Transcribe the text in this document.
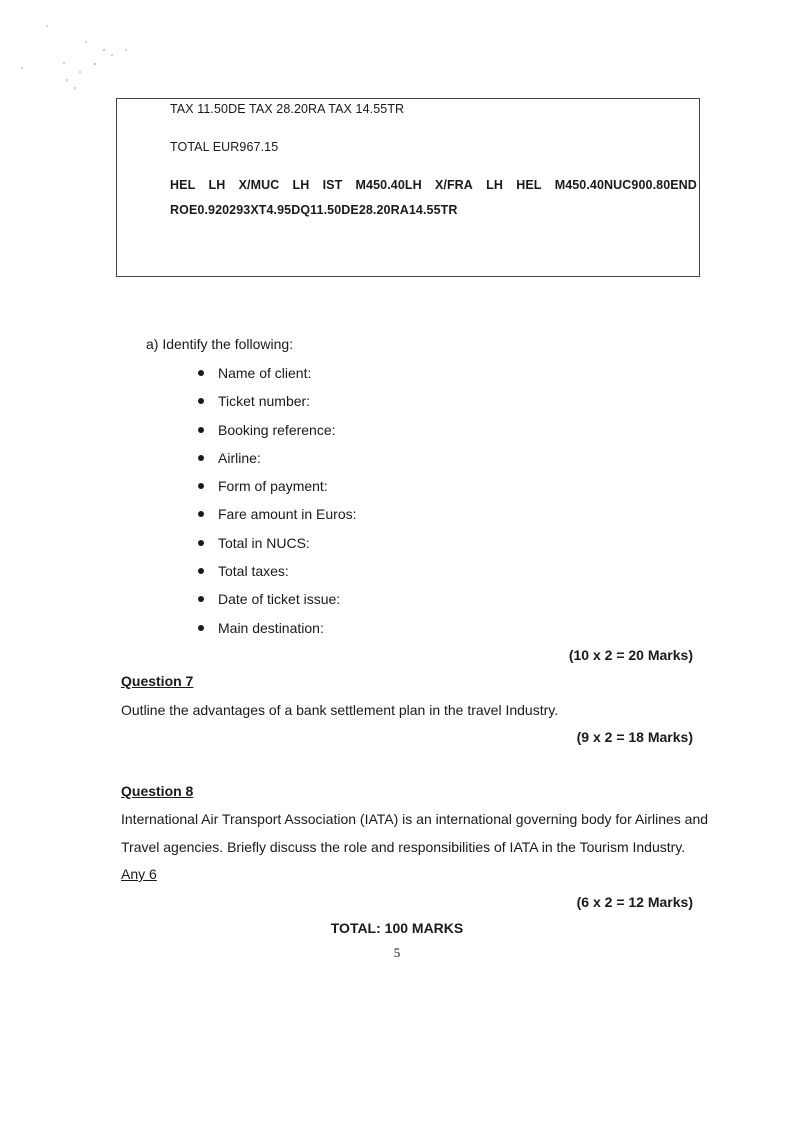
TAX 11.50DE TAX 28.20RA TAX 14.55TR
TOTAL EUR967.15
HEL LH X/MUC LH IST M450.40LH X/FRA LH HEL M450.40NUC900.80END
ROE0.920293XT4.95DQ11.50DE28.20RA14.55TR
a) Identify the following:
Name of client:
Ticket number:
Booking reference:
Airline:
Form of payment:
Fare amount in Euros:
Total in NUCS:
Total taxes:
Date of ticket issue:
Main destination:
(10 x 2 = 20 Marks)
Question 7
Outline the advantages of a bank settlement plan in the travel Industry.
(9 x 2 = 18 Marks)
Question 8
International Air Transport Association (IATA) is an international governing body for Airlines and
Travel agencies. Briefly discuss the role and responsibilities of IATA in the Tourism Industry.
Any 6
(6 x 2 = 12 Marks)
TOTAL: 100 MARKS
5
